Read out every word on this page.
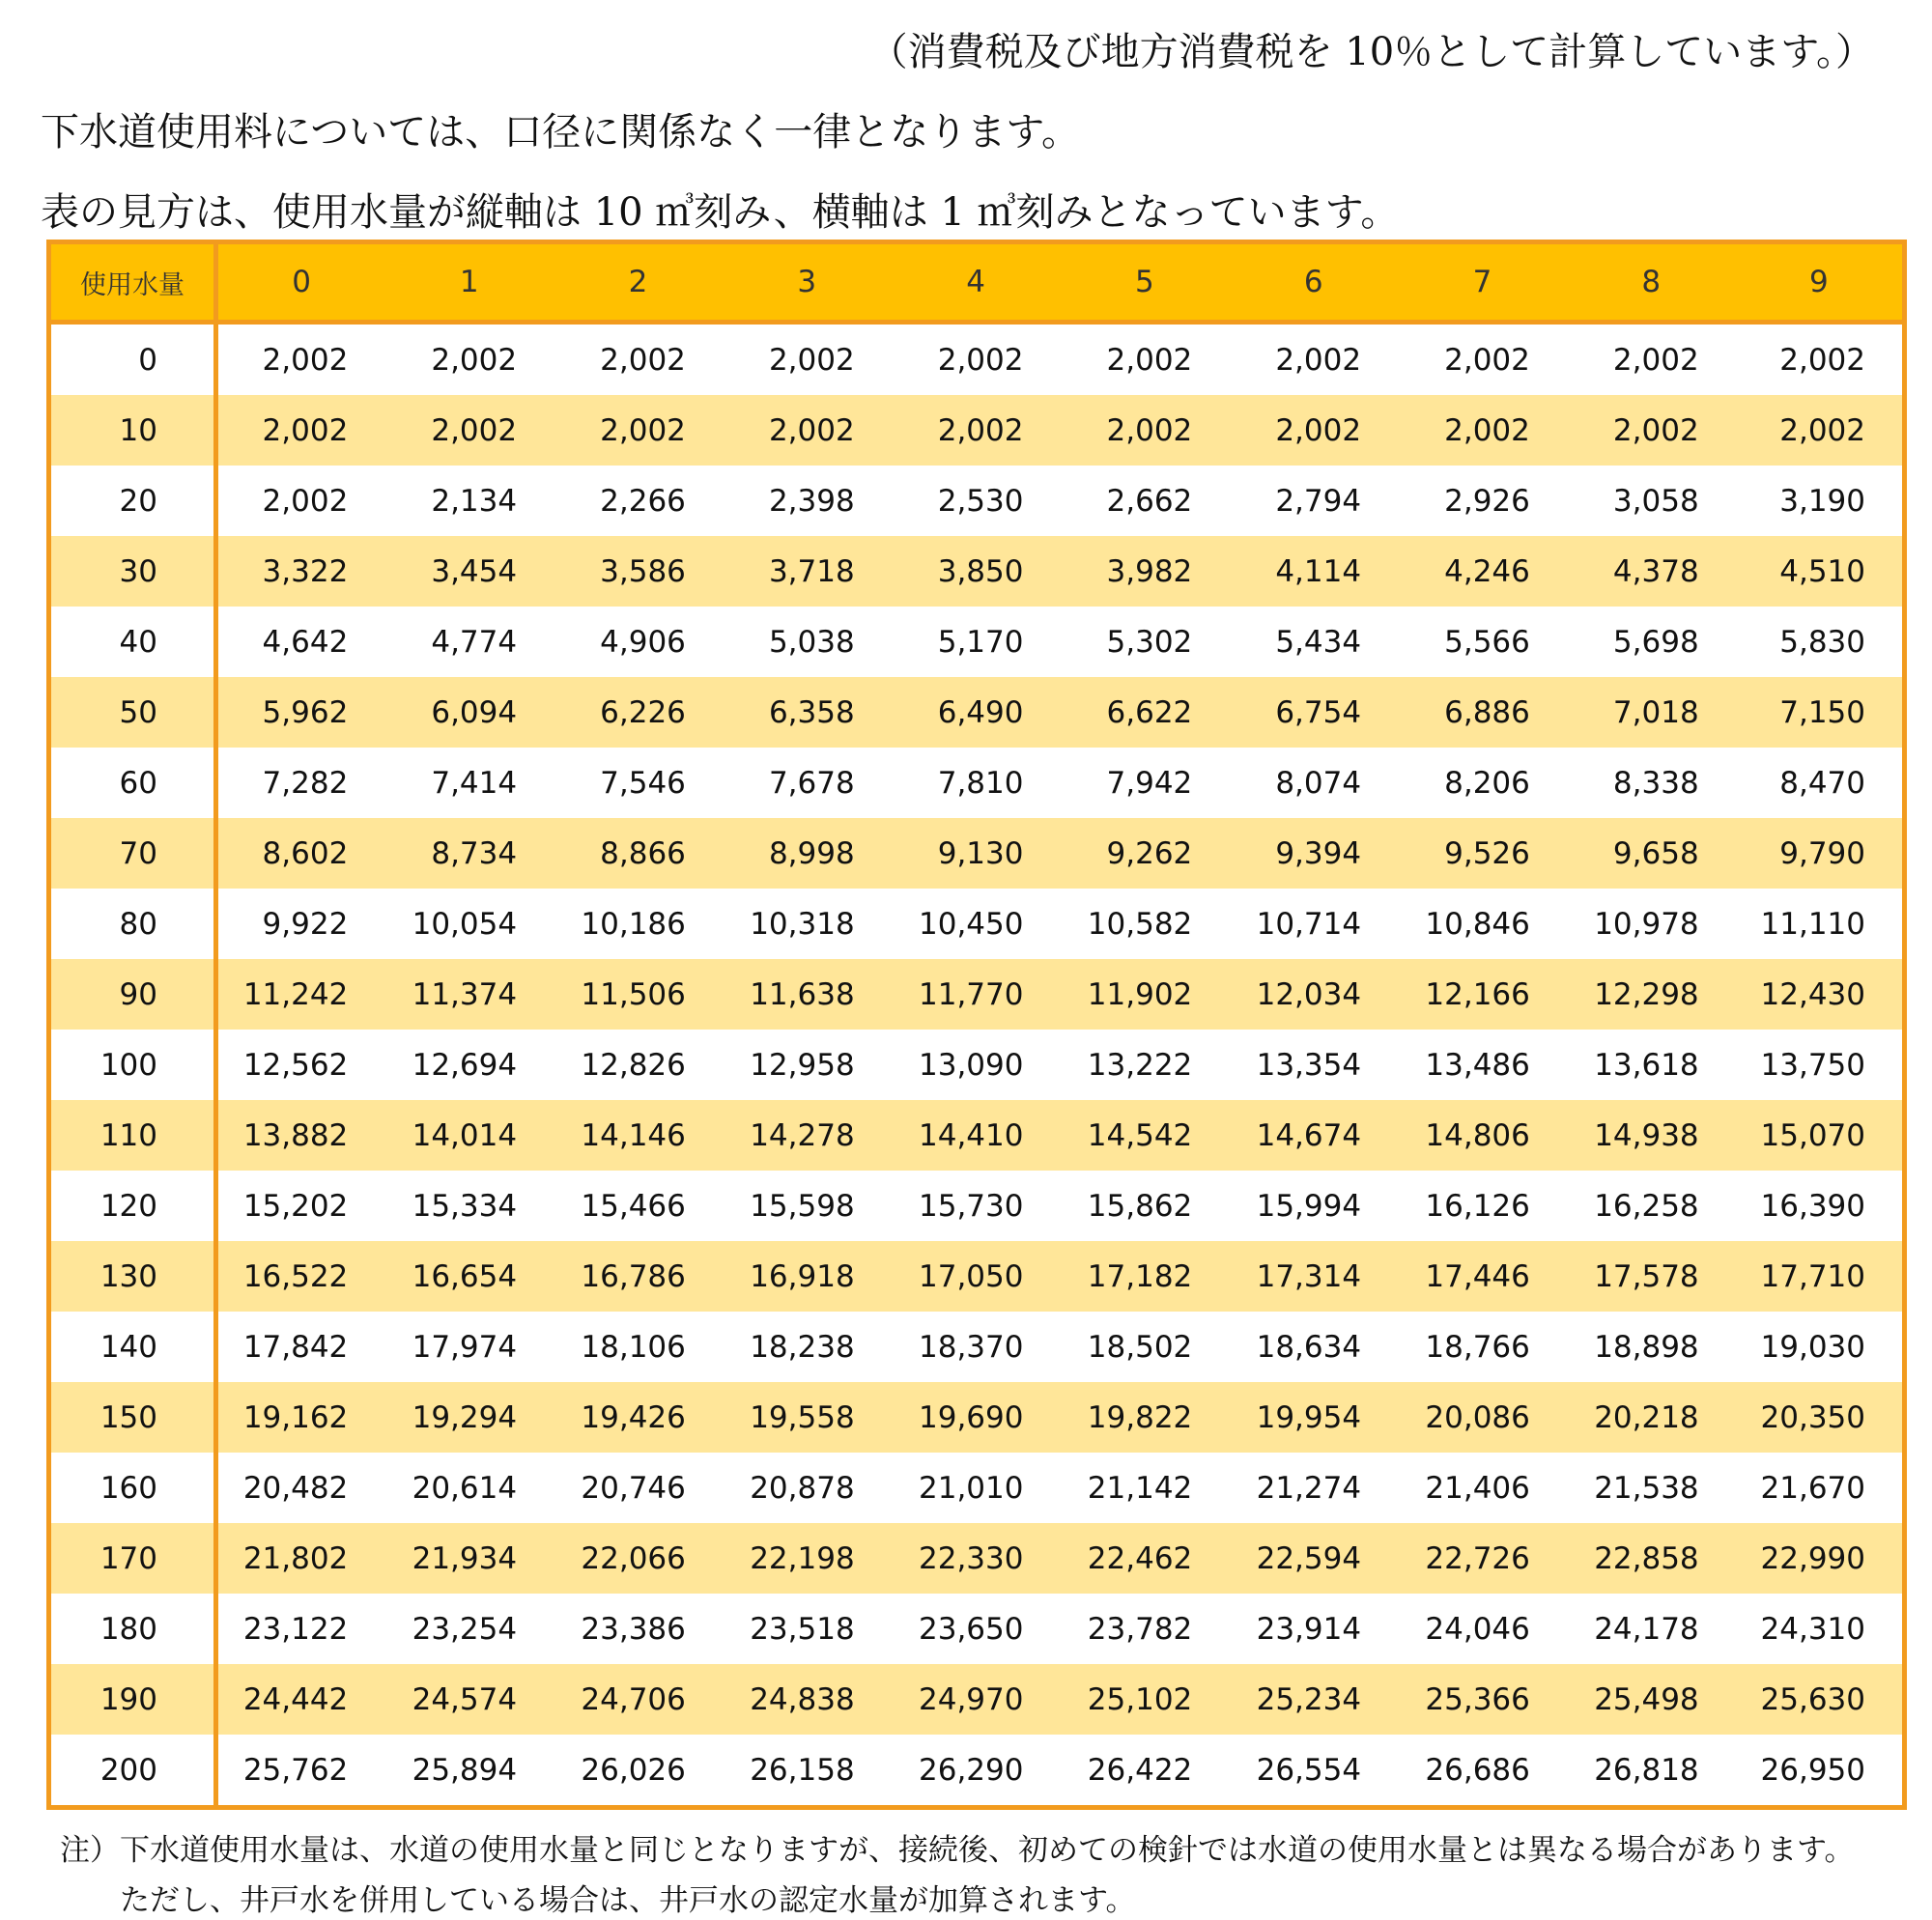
（消費税及び地方消費税を 10％として計算しています。）
下水道使用料については、口径に関係なく一律となります。
表の見方は、使用水量が縦軸は 10 ㎥刻み、横軸は 1 ㎥刻みとなっています。
使用水量	0	1	2	3	4	5	6	7	8	9
0	2,002	2,002	2,002	2,002	2,002	2,002	2,002	2,002	2,002	2,002
10	2,002	2,002	2,002	2,002	2,002	2,002	2,002	2,002	2,002	2,002
20	2,002	2,134	2,266	2,398	2,530	2,662	2,794	2,926	3,058	3,190
30	3,322	3,454	3,586	3,718	3,850	3,982	4,114	4,246	4,378	4,510
40	4,642	4,774	4,906	5,038	5,170	5,302	5,434	5,566	5,698	5,830
50	5,962	6,094	6,226	6,358	6,490	6,622	6,754	6,886	7,018	7,150
60	7,282	7,414	7,546	7,678	7,810	7,942	8,074	8,206	8,338	8,470
70	8,602	8,734	8,866	8,998	9,130	9,262	9,394	9,526	9,658	9,790
80	9,922	10,054	10,186	10,318	10,450	10,582	10,714	10,846	10,978	11,110
90	11,242	11,374	11,506	11,638	11,770	11,902	12,034	12,166	12,298	12,430
100	12,562	12,694	12,826	12,958	13,090	13,222	13,354	13,486	13,618	13,750
110	13,882	14,014	14,146	14,278	14,410	14,542	14,674	14,806	14,938	15,070
120	15,202	15,334	15,466	15,598	15,730	15,862	15,994	16,126	16,258	16,390
130	16,522	16,654	16,786	16,918	17,050	17,182	17,314	17,446	17,578	17,710
140	17,842	17,974	18,106	18,238	18,370	18,502	18,634	18,766	18,898	19,030
150	19,162	19,294	19,426	19,558	19,690	19,822	19,954	20,086	20,218	20,350
160	20,482	20,614	20,746	20,878	21,010	21,142	21,274	21,406	21,538	21,670
170	21,802	21,934	22,066	22,198	22,330	22,462	22,594	22,726	22,858	22,990
180	23,122	23,254	23,386	23,518	23,650	23,782	23,914	24,046	24,178	24,310
190	24,442	24,574	24,706	24,838	24,970	25,102	25,234	25,366	25,498	25,630
200	25,762	25,894	26,026	26,158	26,290	26,422	26,554	26,686	26,818	26,950
注）下水道使用水量は、水道の使用水量と同じとなりますが、接続後、初めての検針では水道の使用水量とは異なる場合があります。
ただし、井戸水を併用している場合は、井戸水の認定水量が加算されます。
